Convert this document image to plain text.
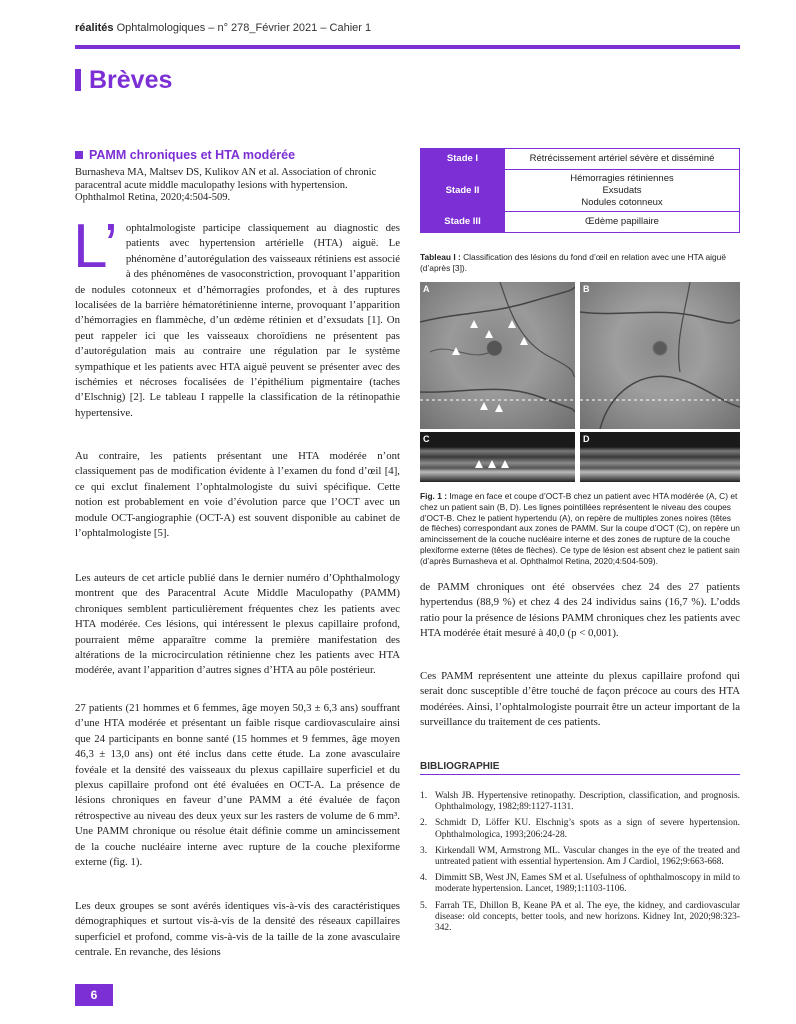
réalités Ophtalmologiques – n° 278_Février 2021 – Cahier 1
Brèves
PAMM chroniques et HTA modérée
Burnasheva MA, Maltsev DS, Kulikov AN et al. Association of chronic paracentral acute middle maculopathy lesions with hypertension. Ophthalmol Retina, 2020;4:504-509.
L’ ophtalmologiste participe classiquement au diagnostic des patients avec hypertension artérielle (HTA) aiguë. Le phénomène d’autorégulation des vaisseaux rétiniens est associé à des phénomènes de vasoconstriction, provoquant l’apparition de nodules cotonneux et d’hémorragies profondes, et à des ruptures localisées de la barrière hématorétinienne interne, provoquant l’apparition d’hémorragies en flammèche, d’un œdème rétinien et d’exsudats [1]. On peut rappeler ici que les vaisseaux choroïdiens ne présentent pas d’autorégulation mais au contraire une régulation par le système sympathique et les patients avec HTA aiguë peuvent se présenter avec des ischémies et nécroses focalisées de l’épithélium pigmentaire (taches d’Elschnig) [2]. Le tableau I rappelle la classification de la rétinopathie hypertensive.
Au contraire, les patients présentant une HTA modérée n’ont classiquement pas de modification évidente à l’examen du fond d’œil [4], ce qui exclut finalement l’ophtalmologiste du suivi spécifique. Cette notion est probablement en voie d’évolution parce que l’OCT avec un module OCT-angiographie (OCT-A) est souvent disponible au cabinet de l’ophtalmologiste [5].
Les auteurs de cet article publié dans le dernier numéro d’Ophthalmology montrent que des Paracentral Acute Middle Maculopathy (PAMM) chroniques semblent particulièrement fréquentes chez les patients avec HTA modérée. Ces lésions, qui intéressent le plexus capillaire profond, pourraient même apparaître comme la première manifestation des altérations de la microcirculation rétinienne chez les patients avec HTA modérée, avant l’apparition d’autres signes d’HTA au pôle postérieur.
27 patients (21 hommes et 6 femmes, âge moyen 50,3 ± 6,3 ans) souffrant d’une HTA modérée et présentant un faible risque cardiovasculaire ainsi que 24 participants en bonne santé (15 hommes et 9 femmes, âge moyen 46,3 ± 13,0 ans) ont été inclus dans cette étude. La zone avasculaire fovéale et la densité des vaisseaux du plexus capillaire superficiel et du plexus capillaire profond ont été évaluées en OCT-A. La présence de lésions chroniques en faveur d’une PAMM a été évaluée de façon rétrospective au niveau des deux yeux sur les rasters de volume de 6 mm³. Une PAMM chronique ou résolue était définie comme un amincissement de la couche nucléaire interne avec rupture de la couche plexiforme externe (fig. 1).
Les deux groupes se sont avérés identiques vis-à-vis des caractéristiques démographiques et surtout vis-à-vis de la densité des réseaux capillaires superficiel et profond, comme vis-à-vis de la taille de la zone avasculaire centrale. En revanche, des lésions
Stade I	Rétrécissement artériel sévère et disséminé

Stade II	Hémorragies rétiniennes
Exsudats
Nodules cotonneux

Stade III	Œdème papillaire
Tableau I : Classification des lésions du fond d’œil en relation avec une HTA aiguë (d’après [3]).
A	B
C	D
Fig. 1 : Image en face et coupe d’OCT-B chez un patient avec HTA modérée (A, C) et chez un patient sain (B, D). Les lignes pointillées représentent le niveau des coupes d’OCT-B. Chez le patient hypertendu (A), on repère de multiples zones noires (têtes de flèches) correspondant aux zones de PAMM. Sur la coupe d’OCT (C), on repère un amincissement de la couche nucléaire interne et des zones de rupture de la couche plexiforme externe (têtes de flèches). Ce type de lésion est absent chez le patient sain (d’après Burnasheva et al. Ophthalmol Retina, 2020;4:504-509).
de PAMM chroniques ont été observées chez 24 des 27 patients hypertendus (88,9 %) et chez 4 des 24 individus sains (16,7 %). L’odds ratio pour la présence de lésions PAMM chroniques chez les patients avec HTA modérée était mesuré à 40,0 (p < 0,001).
Ces PAMM représentent une atteinte du plexus capillaire profond qui serait donc susceptible d’être touché de façon précoce au cours des HTA modérées. Ainsi, l’ophtalmologiste pourrait être un acteur important de la surveillance du traitement de ces patients.
BIBLIOGRAPHIE
1. Walsh JB. Hypertensive retinopathy. Description, classification, and prognosis. Ophthalmology, 1982;89:1127-1131.
2. Schmidt D, Löffer KU. Elschnig’s spots as a sign of severe hypertension. Ophthalmologica, 1993;206:24-28.
3. Kirkendall WM, Armstrong ML. Vascular changes in the eye of the treated and untreated patient with essential hypertension. Am J Cardiol, 1962;9:663-668.
4. Dimmitt SB, West JN, Eames SM et al. Usefulness of ophthalmoscopy in mild to moderate hypertension. Lancet, 1989;1:1103-1106.
5. Farrah TE, Dhillon B, Keane PA et al. The eye, the kidney, and cardiovascular disease: old concepts, better tools, and new horizons. Kidney Int, 2020;98:323-342.
6
